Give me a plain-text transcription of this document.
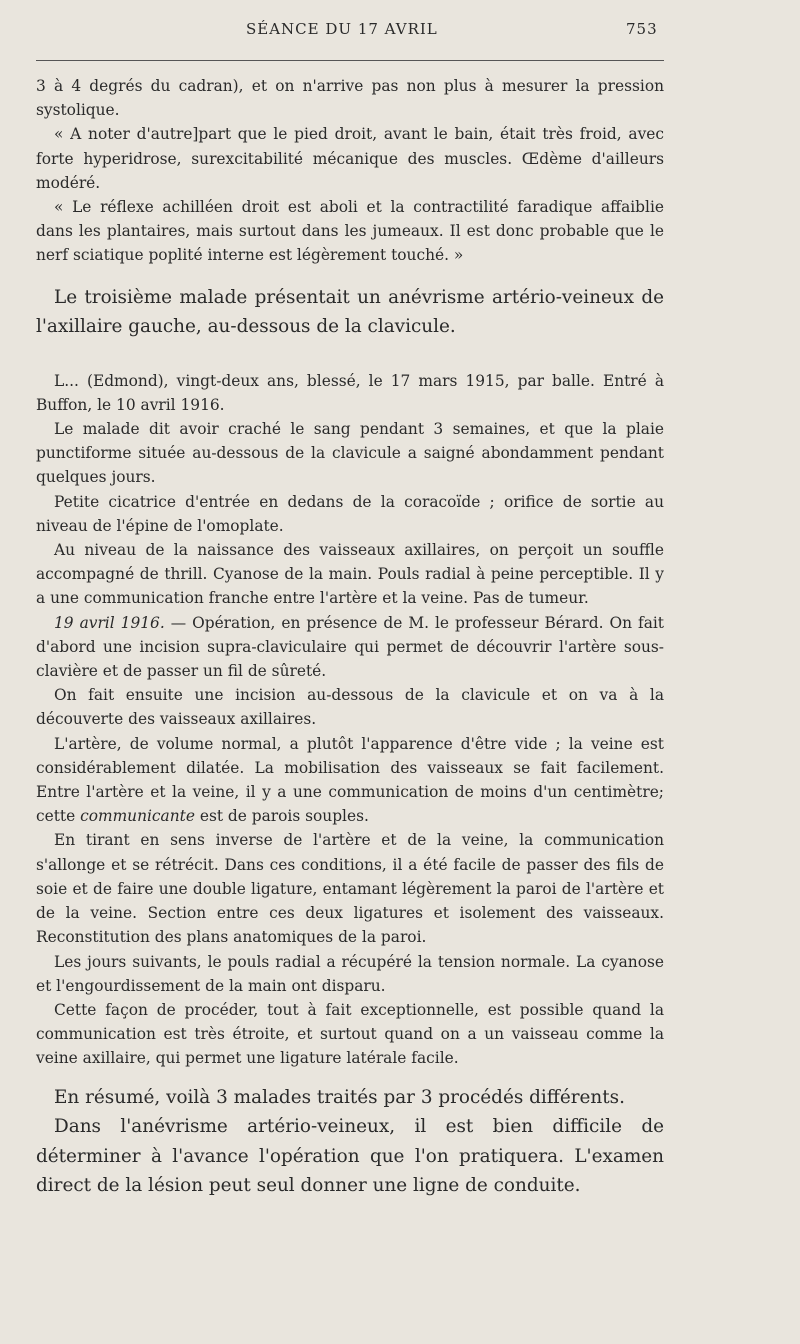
SÉANCE DU 17 AVRIL	753

3 à 4 degrés du cadran), et on n'arrive pas non plus à mesurer la pression systolique.

« A noter d'autre]part que le pied droit, avant le bain, était très froid, avec forte hyperidrose, surexcitabilité mécanique des muscles. Œdème d'ailleurs modéré.

« Le réflexe achilléen droit est aboli et la contractilité faradique affaiblie dans les plantaires, mais surtout dans les jumeaux. Il est donc probable que le nerf sciatique poplité interne est légèrement touché. »

Le troisième malade présentait un anévrisme artério-veineux de l'axillaire gauche, au-dessous de la clavicule.

L... (Edmond), vingt-deux ans, blessé, le 17 mars 1915, par balle. Entré à Buffon, le 10 avril 1916.

Le malade dit avoir craché le sang pendant 3 semaines, et que la plaie punctiforme située au-dessous de la clavicule a saigné abondamment pendant quelques jours.

Petite cicatrice d'entrée en dedans de la coracoïde ; orifice de sortie au niveau de l'épine de l'omoplate.

Au niveau de la naissance des vaisseaux axillaires, on perçoit un souffle accompagné de thrill. Cyanose de la main. Pouls radial à peine perceptible. Il y a une communication franche entre l'artère et la veine. Pas de tumeur.

19 avril 1916. — Opération, en présence de M. le professeur Bérard. On fait d'abord une incision supra-claviculaire qui permet de découvrir l'artère sous-clavière et de passer un fil de sûreté.

On fait ensuite une incision au-dessous de la clavicule et on va à la découverte des vaisseaux axillaires.

L'artère, de volume normal, a plutôt l'apparence d'être vide ; la veine est considérablement dilatée. La mobilisation des vaisseaux se fait facilement. Entre l'artère et la veine, il y a une communication de moins d'un centimètre; cette communicante est de parois souples.

En tirant en sens inverse de l'artère et de la veine, la communication s'allonge et se rétrécit. Dans ces conditions, il a été facile de passer des fils de soie et de faire une double ligature, entamant légèrement la paroi de l'artère et de la veine. Section entre ces deux ligatures et isolement des vaisseaux. Reconstitution des plans anatomiques de la paroi.

Les jours suivants, le pouls radial a récupéré la tension normale. La cyanose et l'engourdissement de la main ont disparu.

Cette façon de procéder, tout à fait exceptionnelle, est possible quand la communication est très étroite, et surtout quand on a un vaisseau comme la veine axillaire, qui permet une ligature latérale facile.

En résumé, voilà 3 malades traités par 3 procédés différents.

Dans l'anévrisme artério-veineux, il est bien difficile de déterminer à l'avance l'opération que l'on pratiquera. L'examen direct de la lésion peut seul donner une ligne de conduite.
